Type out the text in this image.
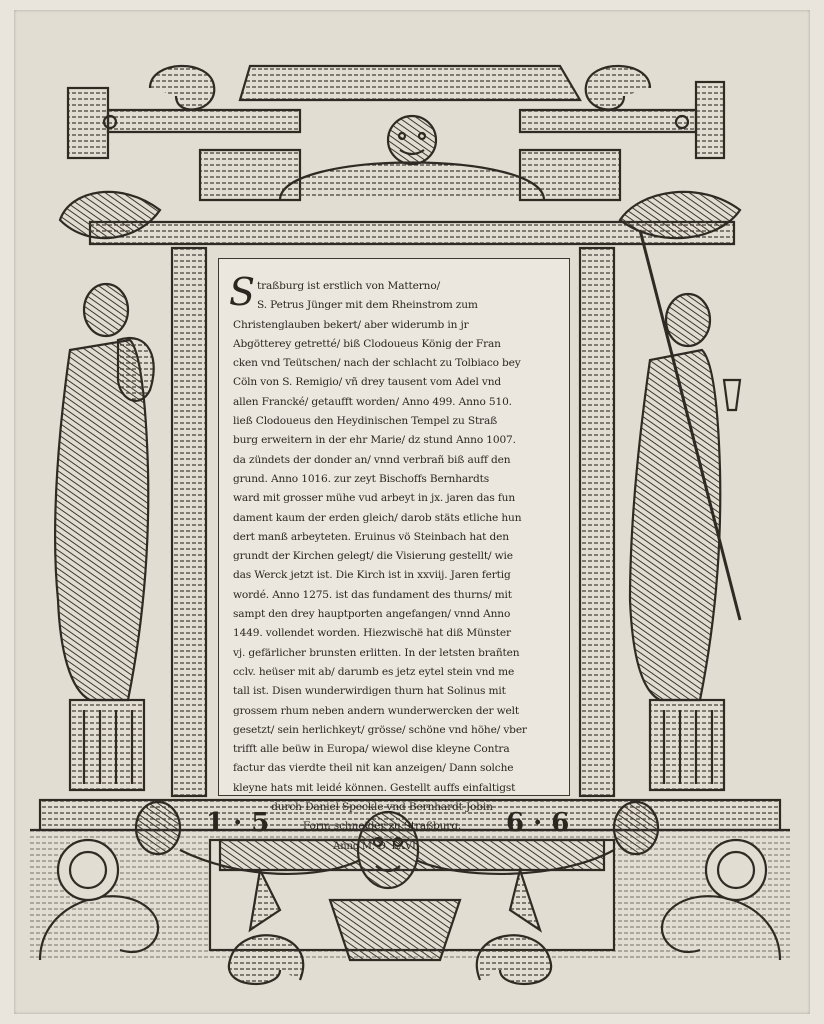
S traßburg ist erstlich von Matterno/

S. Petrus Jünger mit dem Rheinstrom zum

Christenglauben bekert/ aber widerumb in jr

Abgötterey getretté/ biß Clodoueus König der Fran

cken vnd Teütschen/ nach der schlacht zu Tolbiaco bey

Cöln von S. Remigio/ vñ drey tausent vom Adel vnd

allen Francké/ getaufft worden/ Anno 499. Anno 510.

ließ Clodoueus den Heydinischen Tempel zu Straß

burg erweitern in der ehr Marie/ dz stund Anno 1007.

da zündets der donder an/ vnnd verbrañ biß auff den

grund. Anno 1016. zur zeyt Bischoffs Bernhardts

ward mit grosser mühe vud arbeyt in jx. jaren das fun

dament kaum der erden gleich/ darob stäts etliche hun

dert manß arbeyteten. Eruinus vö Steinbach hat den

grundt der Kirchen gelegt/ die Visierung gestellt/ wie

das Werck jetzt ist. Die Kirch ist in xxviij. Jaren fertig

wordé. Anno 1275. ist das fundament des thurns/ mit

sampt den drey hauptporten angefangen/ vnnd Anno

1449. vollendet worden. Hiezwischë hat diß Münster

vj. gefärlicher brunsten erlitten. In der letsten brañten

cclv. heüser mit ab/ darumb es jetz eytel stein vnd me

tall ist. Disen wunderwirdigen thurn hat Solinus mit

grossem rhum neben andern wunderwercken der welt

gesetzt/ sein herlichkeyt/ grösse/ schöne vnd höhe/ vber

trifft alle beüw in Europa/ wiewol dise kleyne Contra

factur das vierdte theil nit kan anzeigen/ Dann solche

kleyne hats mit leidé können. Gestellt auffs einfaltigst

durch Daniel Speckle vnd Bernhardt Jobin

Form schneider zu Straßburg.

Anno M. D. LXVI.

1 · 5	6 · 6
